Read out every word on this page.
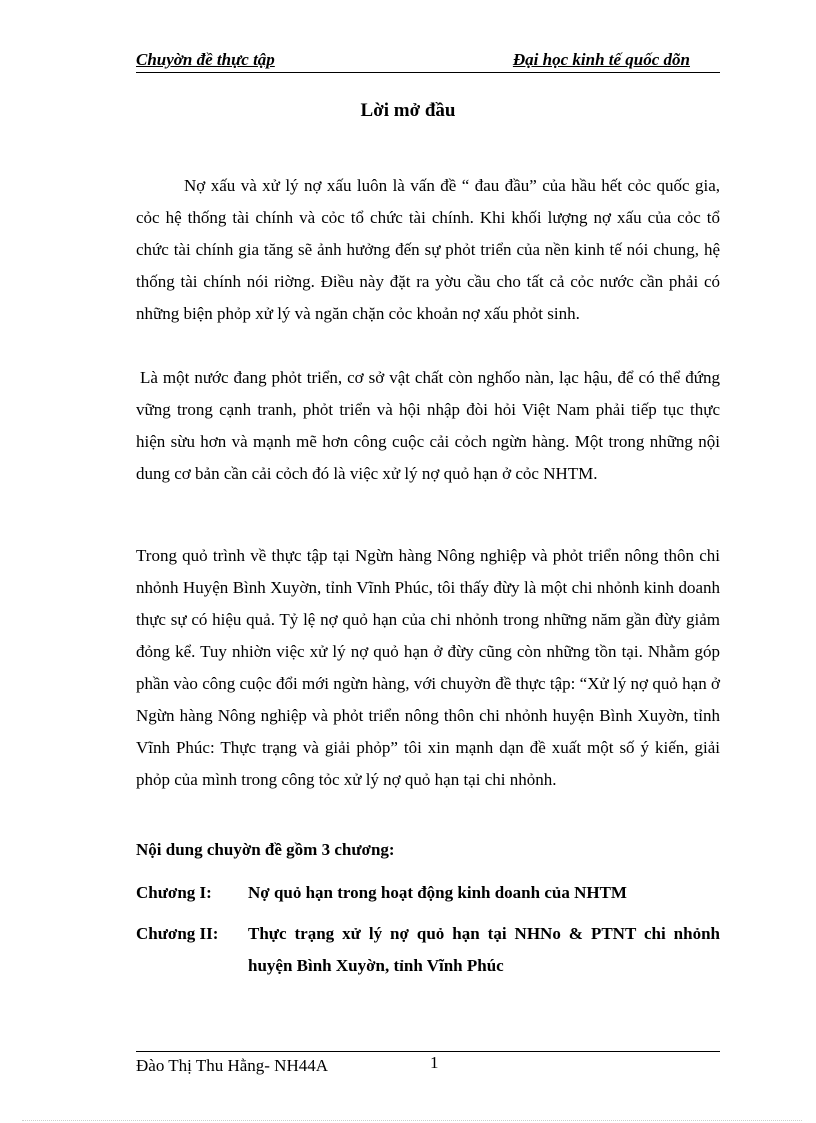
Chuyờn đề thực tập	Đại học kinh tế quốc dõn
Lời mở đầu
Nợ xấu và xử lý nợ xấu luôn là vấn đề “ đau đầu” của hầu hết cỏc quốc gia, cỏc hệ thống tài chính và cỏc tổ chức tài chính. Khi khối lượng nợ xấu của cỏc tổ chức tài chính gia tăng sẽ ảnh hưởng đến sự phỏt triển của nền kinh tế nói chung, hệ thống tài chính nói riờng. Điều này đặt ra yờu cầu cho tất cả cỏc nước cần phải có những biện phỏp xử lý và ngăn chặn cỏc khoản nợ xấu phỏt sinh.
Là một nước đang phỏt triển, cơ sở vật chất còn nghốo nàn, lạc hậu, để có thể đứng vững trong cạnh tranh, phỏt triển và hội nhập đòi hỏi Việt Nam phải tiếp tục thực hiện sừu hơn và mạnh mẽ hơn công cuộc cải cỏch ngừn hàng. Một trong những nội dung cơ bản cần cải cỏch đó là việc xử lý nợ quỏ hạn ở cỏc NHTM.
Trong quỏ trình về thực tập tại Ngừn hàng Nông nghiệp và phỏt triển nông thôn chi nhỏnh Huyện Bình Xuyờn, tỉnh Vĩnh Phúc, tôi thấy đừy là một chi nhỏnh kinh doanh thực sự có hiệu quả. Tỷ lệ nợ quỏ hạn của chi nhỏnh trong những năm gần đừy giảm đỏng kể. Tuy nhiờn việc xử lý nợ quỏ hạn ở đừy cũng còn những tồn tại. Nhằm góp phần vào công cuộc đổi mới ngừn hàng, với chuyờn đề thực tập: “Xử lý nợ quỏ hạn ở Ngừn hàng Nông nghiệp và phỏt triển nông thôn chi nhỏnh huyện Bình Xuyờn, tỉnh Vĩnh Phúc: Thực trạng và giải phỏp” tôi xin mạnh dạn đề xuất một số ý kiến, giải phỏp của mình trong công tỏc xử lý nợ quỏ hạn tại chi nhỏnh.
Nội dung chuyờn đề gồm 3 chương:
Chương I: Nợ quỏ hạn trong hoạt động kinh doanh của NHTM
Chương II: Thực trạng xử lý nợ quỏ hạn tại NHNo & PTNT chi nhỏnh huyện Bình Xuyờn, tỉnh Vĩnh Phúc
Đào Thị Thu Hằng- NH44A	1
